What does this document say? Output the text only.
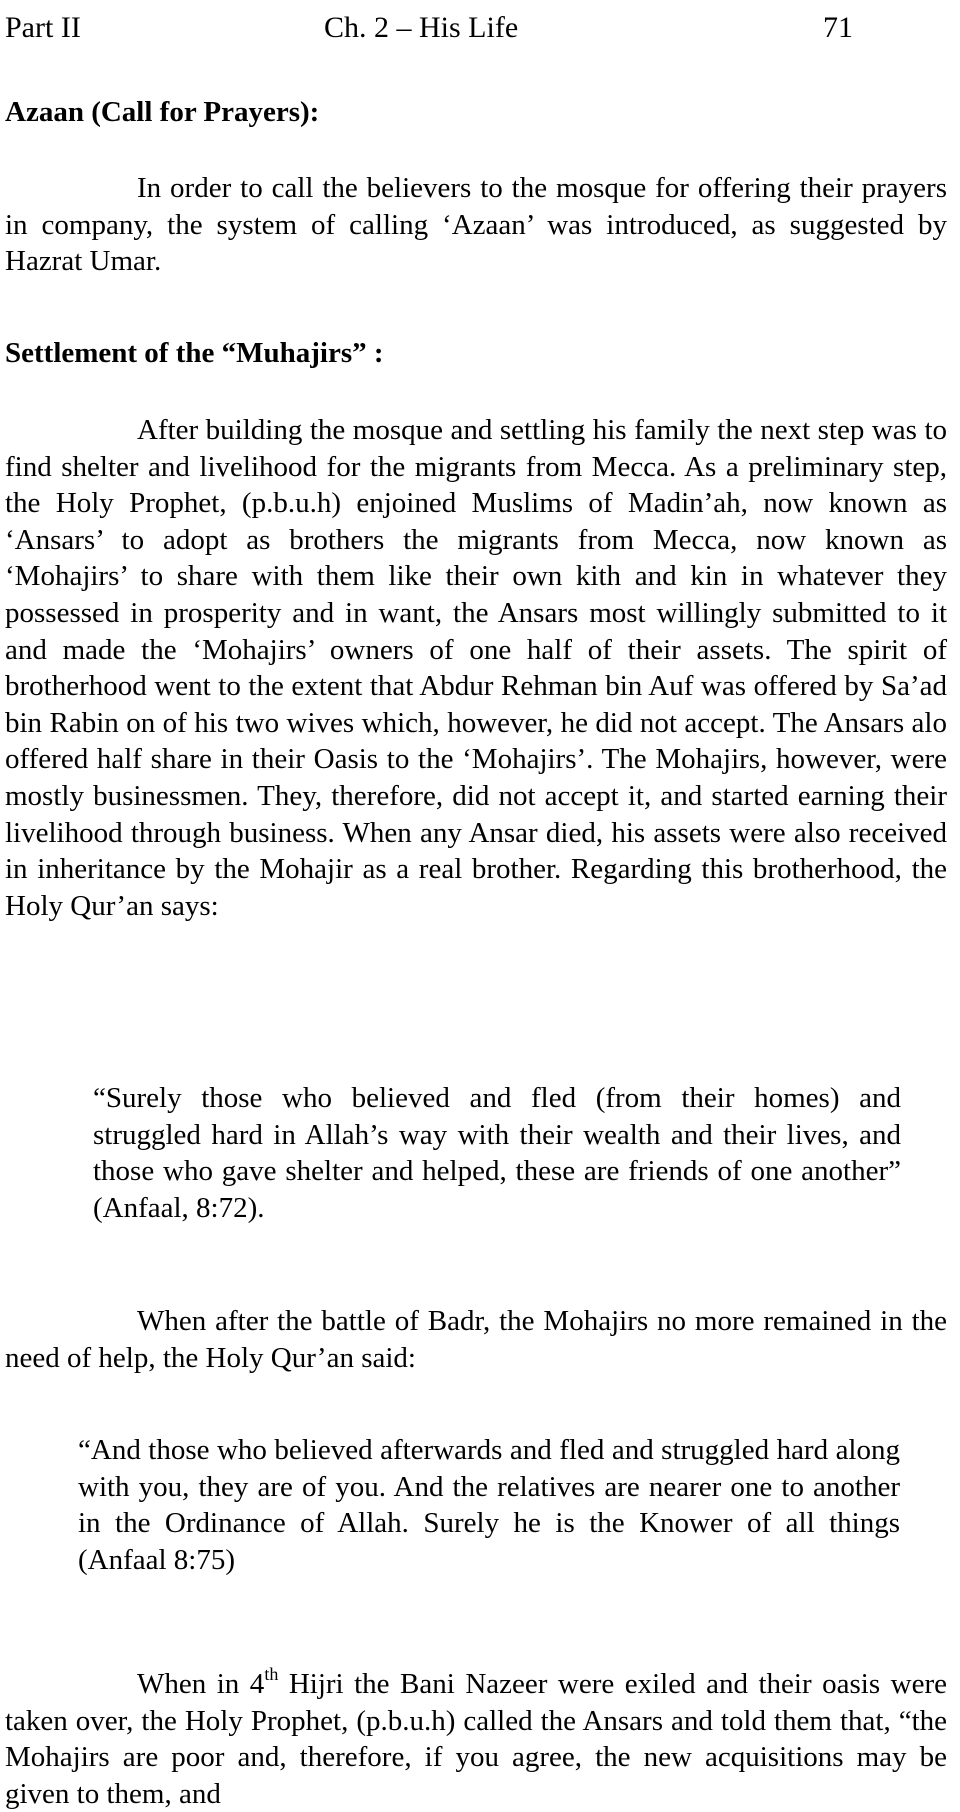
Part II	Ch. 2 – His Life	71
Azaan (Call for Prayers):

In order to call the believers to the mosque for offering their prayers in company, the system of calling ‘Azaan’ was introduced, as suggested by Hazrat Umar.

Settlement of the “Muhajirs” :

After building the mosque and settling his family the next step was to find shelter and livelihood for the migrants from Mecca. As a preliminary step, the Holy Prophet, (p.b.u.h) enjoined Muslims of Madin’ah, now known as ‘Ansars’ to adopt as brothers the migrants from Mecca, now known as ‘Mohajirs’ to share with them like their own kith and kin in whatever they possessed in prosperity and in want, the Ansars most willingly submitted to it and made the ‘Mohajirs’ owners of one half of their assets. The spirit of brotherhood went to the extent that Abdur Rehman bin Auf was offered by Sa’ad bin Rabin on of his two wives which, however, he did not accept. The Ansars alo offered half share in their Oasis to the ‘Mohajirs’. The Mohajirs, however, were mostly businessmen. They, therefore, did not accept it, and started earning their livelihood through business. When any Ansar died, his assets were also received in inheritance by the Mohajir as a real brother. Regarding this brotherhood, the Holy Qur’an says:

“Surely those who believed and fled (from their homes) and struggled hard in Allah’s way with their wealth and their lives, and those who gave shelter and helped, these are friends of one another” (Anfaal, 8:72).

When after the battle of Badr, the Mohajirs no more remained in the need of help, the Holy Qur’an said:

“And those who believed afterwards and fled and struggled hard along with you, they are of you. And the relatives are nearer one to another in the Ordinance of Allah. Surely he is the Knower of all things (Anfaal 8:75)

When in 4th Hijri the Bani Nazeer were exiled and their oasis were taken over, the Holy Prophet, (p.b.u.h) called the Ansars and told them that, “the Mohajirs are poor and, therefore, if you agree, the new acquisitions may be given to them, and
